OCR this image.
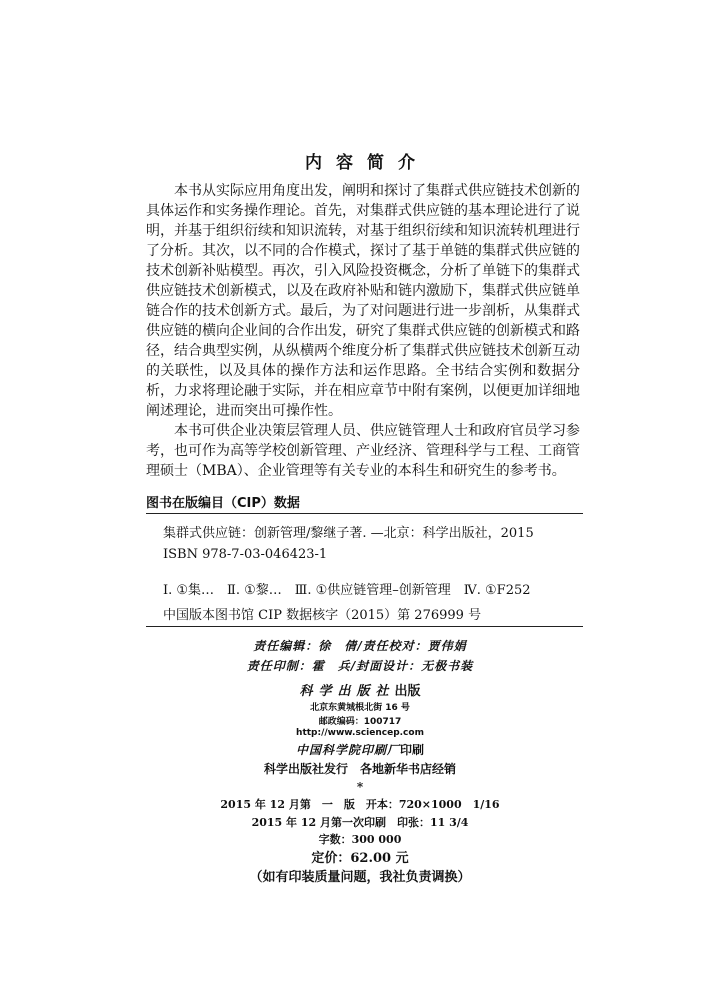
内容简介

本书从实际应用角度出发，阐明和探讨了集群式供应链技术创新的具体运作和实务操作理论。首先，对集群式供应链的基本理论进行了说明，并基于组织衍续和知识流转，对基于组织衍续和知识流转机理进行了分析。其次，以不同的合作模式，探讨了基于单链的集群式供应链的技术创新补贴模型。再次，引入风险投资概念，分析了单链下的集群式供应链技术创新模式，以及在政府补贴和链内激励下，集群式供应链单链合作的技术创新方式。最后，为了对问题进行进一步剖析，从集群式供应链的横向企业间的合作出发，研究了集群式供应链的创新模式和路径，结合典型实例，从纵横两个维度分析了集群式供应链技术创新互动的关联性，以及具体的操作方法和运作思路。全书结合实例和数据分析，力求将理论融于实际，并在相应章节中附有案例，以便更加详细地阐述理论，进而突出可操作性。

本书可供企业决策层管理人员、供应链管理人士和政府官员学习参考，也可作为高等学校创新管理、产业经济、管理科学与工程、工商管理硕士（MBA）、企业管理等有关专业的本科生和研究生的参考书。

图书在版编目（CIP）数据
集群式供应链：创新管理/黎继子著. —北京：科学出版社，2015
ISBN 978-7-03-046423-1
Ⅰ. ①集…　Ⅱ. ①黎…　Ⅲ. ①供应链管理–创新管理　Ⅳ. ①F252
中国版本图书馆 CIP 数据核字（2015）第 276999 号
责任编辑：徐　倩/责任校对：贾伟娟
责任印制：霍　兵/封面设计：无极书装
科学出版社出版
北京东黄城根北街 16 号
邮政编码：100717
http://www.sciencep.com
中国科学院印刷厂印刷
科学出版社发行　各地新华书店经销
*
2015 年 12 月第　一　版　开本：720×1000　1/16
2015 年 12 月第一次印刷　印张：11 3/4
字数：300 000
定价：62.00 元
（如有印装质量问题，我社负责调换）
